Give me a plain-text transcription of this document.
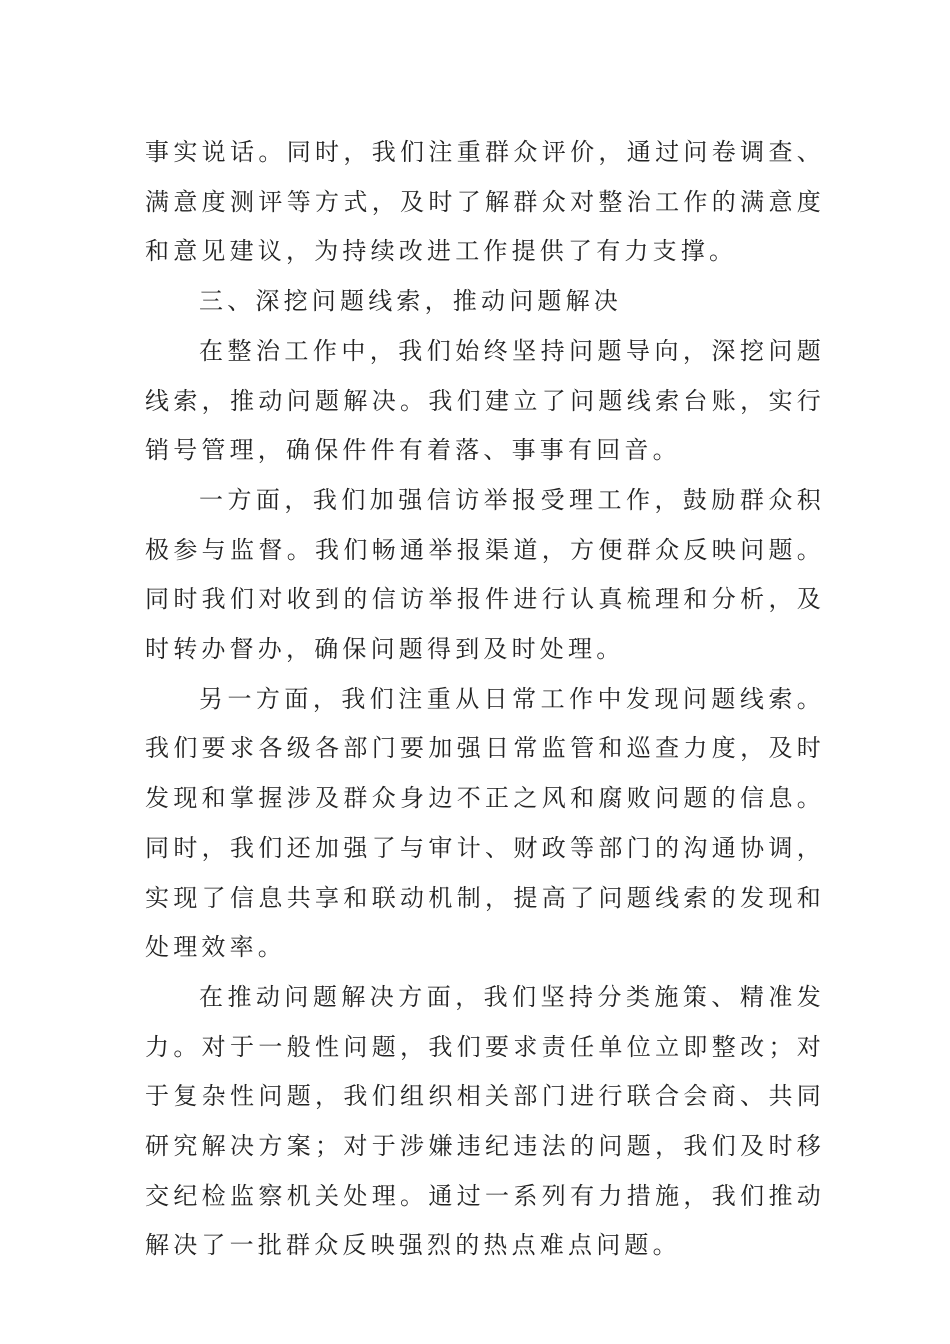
事实说话。同时，我们注重群众评价，通过问卷调查、满意度测评等方式，及时了解群众对整治工作的满意度和意见建议，为持续改进工作提供了有力支撑。

三、深挖问题线索，推动问题解决

在整治工作中，我们始终坚持问题导向，深挖问题线索，推动问题解决。我们建立了问题线索台账，实行销号管理，确保件件有着落、事事有回音。

一方面，我们加强信访举报受理工作，鼓励群众积极参与监督。我们畅通举报渠道，方便群众反映问题。同时我们对收到的信访举报件进行认真梳理和分析，及时转办督办，确保问题得到及时处理。

另一方面，我们注重从日常工作中发现问题线索。我们要求各级各部门要加强日常监管和巡查力度，及时发现和掌握涉及群众身边不正之风和腐败问题的信息。同时，我们还加强了与审计、财政等部门的沟通协调，实现了信息共享和联动机制，提高了问题线索的发现和处理效率。

在推动问题解决方面，我们坚持分类施策、精准发力。对于一般性问题，我们要求责任单位立即整改；对于复杂性问题，我们组织相关部门进行联合会商、共同研究解决方案；对于涉嫌违纪违法的问题，我们及时移交纪检监察机关处理。通过一系列有力措施，我们推动解决了一批群众反映强烈的热点难点问题。
